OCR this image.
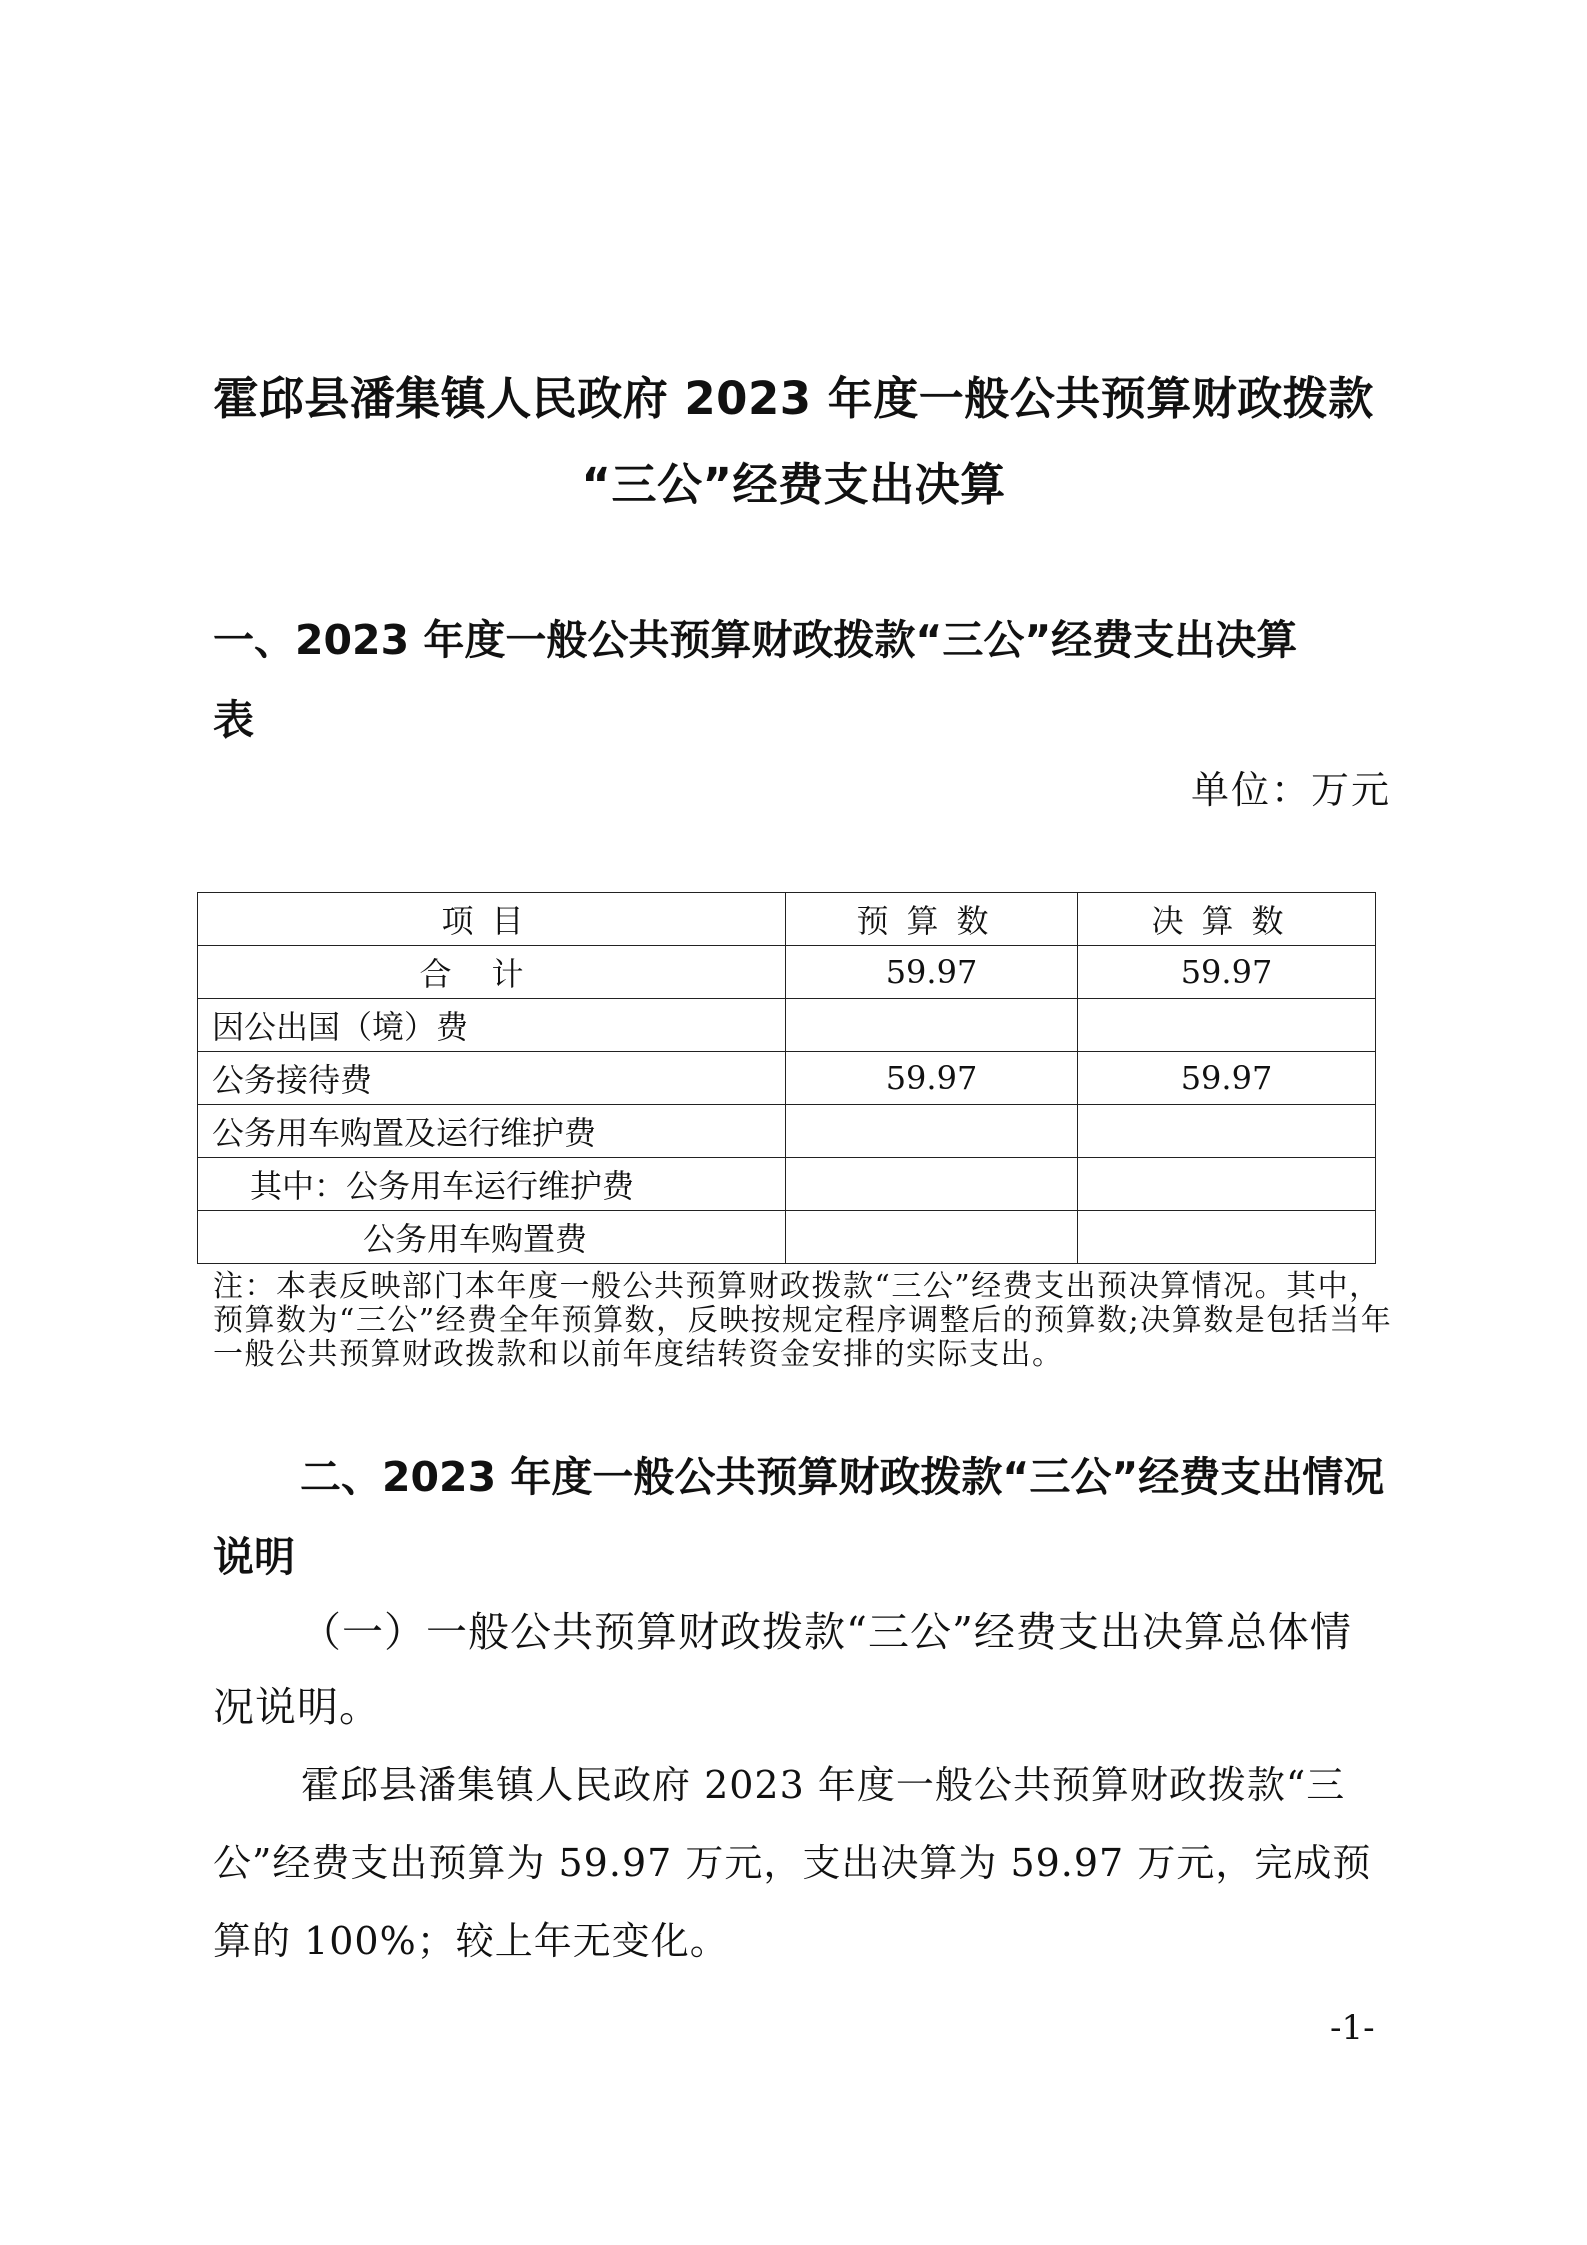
霍邱县潘集镇人民政府 2023 年度一般公共预算财政拨款
“三公”经费支出决算

一、2023 年度一般公共预算财政拨款“三公”经费支出决算

表

单位：万元

项目	预算数	决算数
合计	59.97	59.97
因公出国（境）费		
公务接待费	59.97	59.97
公务用车购置及运行维护费		
其中：公务用车运行维护费		
公务用车购置费		

注：本表反映部门本年度一般公共预算财政拨款“三公”经费支出预决算情况。其中，预算数为“三公”经费全年预算数，反映按规定程序调整后的预算数;决算数是包括当年一般公共预算财政拨款和以前年度结转资金安排的实际支出。

二、2023 年度一般公共预算财政拨款“三公”经费支出情况

说明

（一）一般公共预算财政拨款“三公”经费支出决算总体情

况说明。

霍邱县潘集镇人民政府 2023 年度一般公共预算财政拨款“三公”经费支出预算为 59.97 万元，支出决算为 59.97 万元，完成预算的 100%；较上年无变化。

-1-
